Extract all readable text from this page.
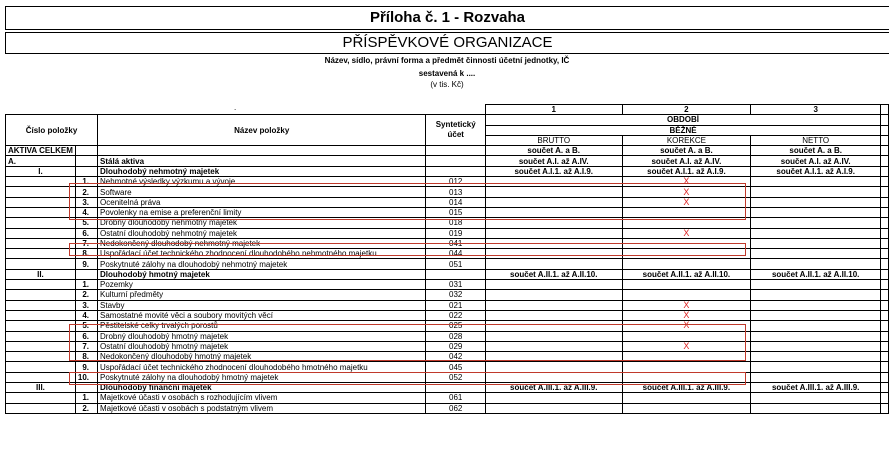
Příloha č. 1 - Rozvaha
PŘÍSPĚVKOVÉ ORGANIZACE
Název, sídlo, právní forma a předmět činnosti účetní jednotky, IČ
sestavená k ....
(v tis. Kč)
.
				1	2	3	
Číslo položky		Název položky	Syntetický účet	OBDOBÍ			
				BĚŽNÉ			
				BRUTTO	KOREKCE	NETTO	
AKTIVA CELKEM				součet A. a B.	součet A. a B.	součet A. a B.	
A.		Stálá aktiva		součet A.I. až A.IV.	součet A.I. až A.IV.	součet A.I. až A.IV.	
I.		Dlouhodobý nehmotný majetek		součet A.I.1. až A.I.9.	součet A.I.1. až A.I.9.	součet A.I.1. až A.I.9.	
	1.	Nehmotné výsledky výzkumu a vývoje	012		X		
	2.	Software	013		X		
	3.	Ocenitelná práva	014		X		
	4.	Povolenky na emise a preferenční limity	015				
	5.	Drobný dlouhodobý nehmotný majetek	018				
	6.	Ostatní dlouhodobý nehmotný majetek	019		X		
	7.	Nedokončený dlouhodobý nehmotný majetek	041				
	8.	Uspořádací účet technického zhodnocení dlouhodobého nehmotného majetku	044				
	9.	Poskytnuté zálohy na dlouhodobý nehmotný majetek	051				
II.		Dlouhodobý hmotný majetek		součet A.II.1. až A.II.10.	součet A.II.1. až A.II.10.	součet A.II.1. až A.II.10.	
	1.	Pozemky	031				
	2.	Kulturní předměty	032				
	3.	Stavby	021		X		
	4.	Samostatné movité věci a soubory movitých věcí	022		X		
	5.	Pěstitelské celky trvalých porostů	025		X		
	6.	Drobný dlouhodobý hmotný majetek	028				
	7.	Ostatní dlouhodobý hmotný majetek	029		X		
	8.	Nedokončený dlouhodobý hmotný majetek	042				
	9.	Uspořádací účet technického zhodnocení dlouhodobého hmotného majetku	045				
	10.	Poskytnuté zálohy na dlouhodobý hmotný majetek	052				
III.		Dlouhodobý finanční majetek		součet A.III.1. až A.III.9.	součet A.III.1. až A.III.9.	součet A.III.1. až A.III.9.	
	1.	Majetkové účasti v osobách s rozhodujícím vlivem	061				
	2.	Majetkové účasti v osobách s podstatným vlivem	062				
